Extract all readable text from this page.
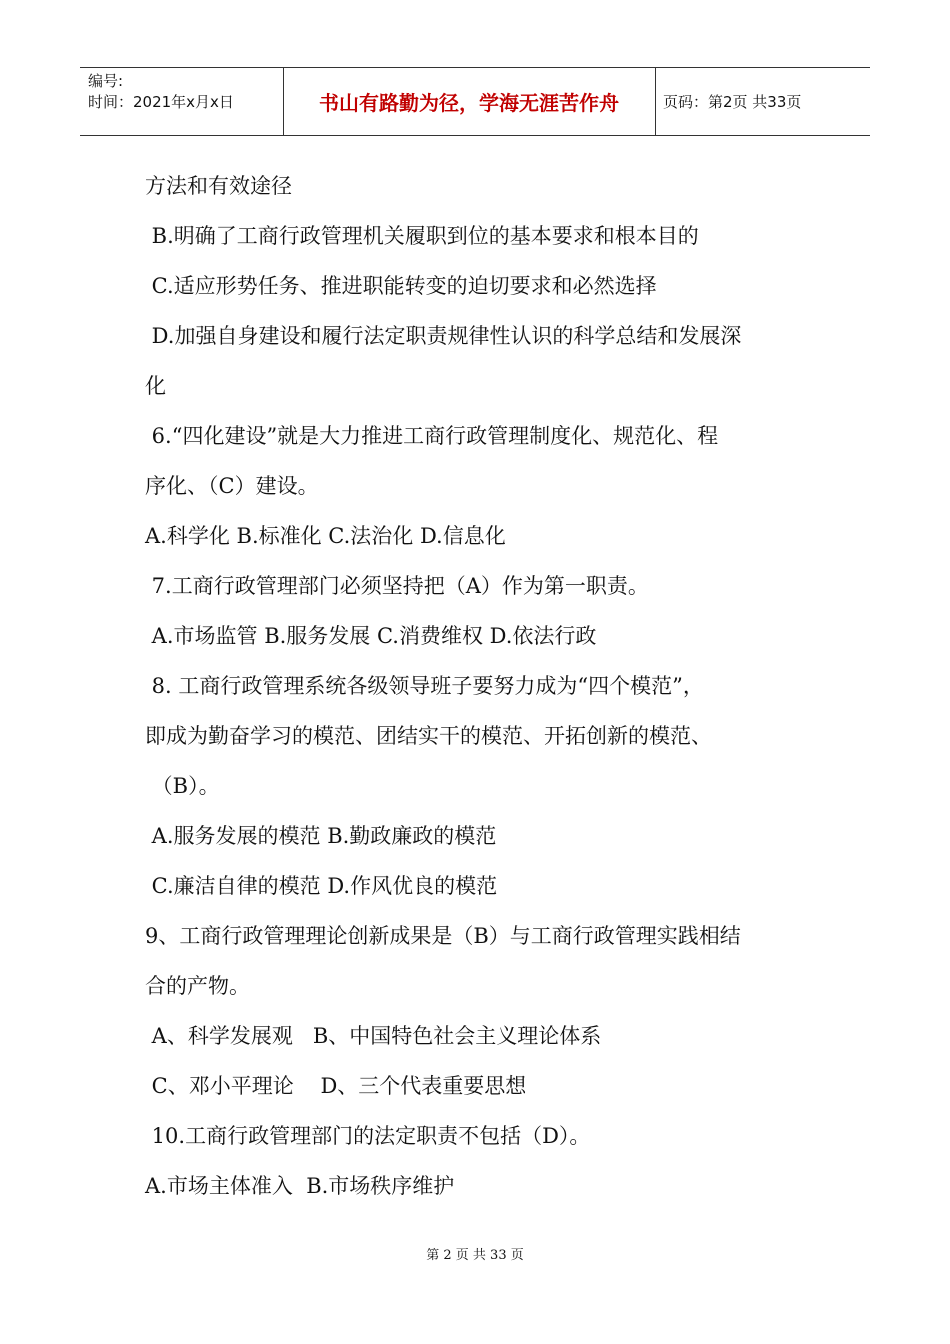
编号:
时间：2021年x月x日	书山有路勤为径，学海无涯苦作舟	页码：第2页 共33页
方法和有效途径
B.明确了工商行政管理机关履职到位的基本要求和根本目的
C.适应形势任务、推进职能转变的迫切要求和必然选择
D.加强自身建设和履行法定职责规律性认识的科学总结和发展深
化
6.“四化建设”就是大力推进工商行政管理制度化、规范化、程
序化、（C）建设。
A.科学化 B.标准化 C.法治化 D.信息化
7.工商行政管理部门必须坚持把（A）作为第一职责。
A.市场监管 B.服务发展 C.消费维权 D.依法行政
8. 工商行政管理系统各级领导班子要努力成为“四个模范”，
即成为勤奋学习的模范、团结实干的模范、开拓创新的模范、
（B）。
A.服务发展的模范 B.勤政廉政的模范
C.廉洁自律的模范 D.作风优良的模范
9、工商行政管理理论创新成果是（B）与工商行政管理实践相结
合的产物。
A、科学发展观   B、中国特色社会主义理论体系
C、邓小平理论    D、三个代表重要思想
10.工商行政管理部门的法定职责不包括（D）。
A.市场主体准入  B.市场秩序维护
第 2 页 共 33 页
